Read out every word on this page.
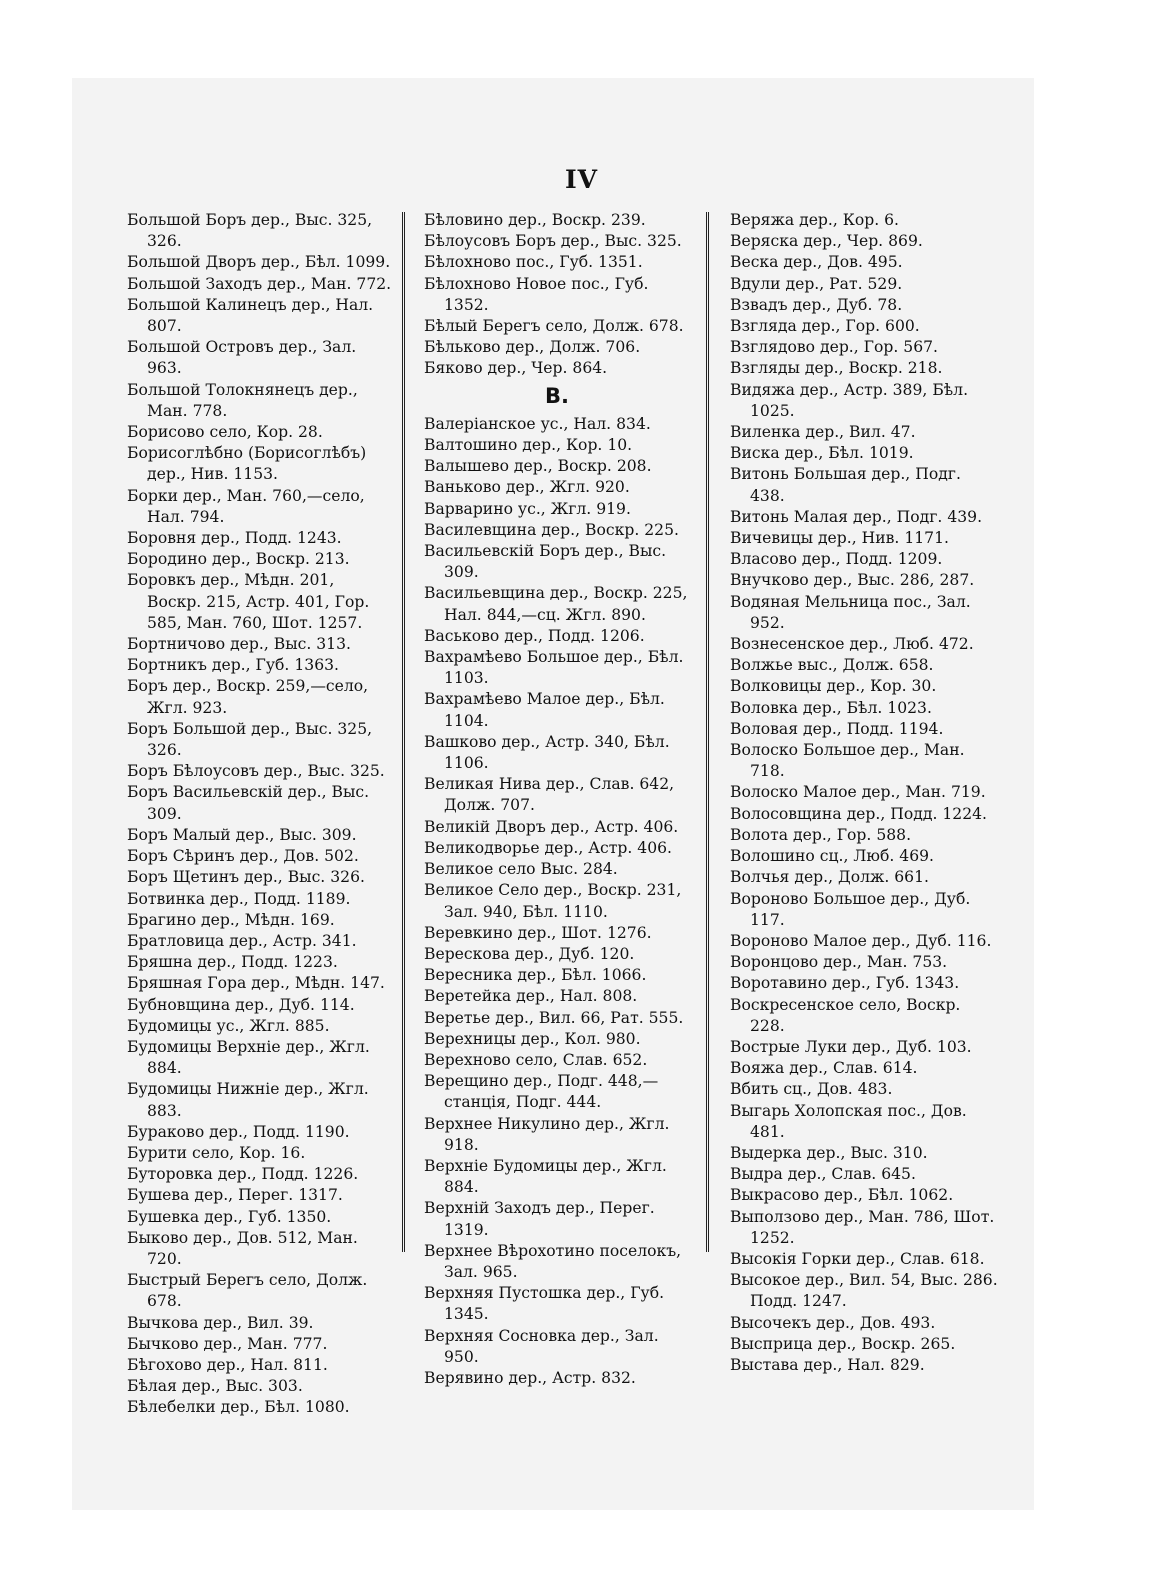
IV
Большой Боръ дер., Выс. 325, 326.
Большой Дворъ дер., Бѣл. 1099.
Большой Заходъ дер., Ман. 772.
Большой Калинецъ дер., Нал. 807.
Большой Островъ дер., Зал. 963.
Большой Толокнянецъ дер., Ман. 778.
Борисово село, Кор. 28.
Борисоглѣбно (Борисоглѣбъ) дер., Нив. 1153.
Борки дер., Ман. 760,—село, Нал. 794.
Боровня дер., Подд. 1243.
Бородино дер., Воскр. 213.
Боровкъ дер., Мѣдн. 201, Воскр. 215, Астр. 401, Гор. 585, Ман. 760, Шот. 1257.
Бортничово дер., Выс. 313.
Бортникъ дер., Губ. 1363.
Боръ дер., Воскр. 259,—село, Жгл. 923.
Боръ Большой дер., Выс. 325, 326.
Боръ Бѣлоусовъ дер., Выс. 325.
Боръ Васильевскій дер., Выс. 309.
Боръ Малый дер., Выс. 309.
Боръ Сѣринъ дер., Дов. 502.
Боръ Щетинъ дер., Выс. 326.
Ботвинка дер., Подд. 1189.
Брагино дер., Мѣдн. 169.
Братловица дер., Астр. 341.
Бряшна дер., Подд. 1223.
Бряшная Гора дер., Мѣдн. 147.
Бубновщина дер., Дуб. 114.
Будомицы ус., Жгл. 885.
Будомицы Верхніе дер., Жгл. 884.
Будомицы Нижніе дер., Жгл. 883.
Бураково дер., Подд. 1190.
Бурити село, Кор. 16.
Буторовка дер., Подд. 1226.
Бушева дер., Перег. 1317.
Бушевка дер., Губ. 1350.
Быково дер., Дов. 512, Ман. 720.
Быстрый Берегъ село, Долж. 678.
Вычкова дер., Вил. 39.
Бычково дер., Ман. 777.
Бѣгохово дер., Нал. 811.
Бѣлая дер., Выс. 303.
Бѣлебелки дер., Бѣл. 1080.
Бѣловино дер., Воскр. 239.
Бѣлоусовъ Боръ дер., Выс. 325.
Бѣлохново пос., Губ. 1351.
Бѣлохново Новое пос., Губ. 1352.
Бѣлый Берегъ село, Долж. 678.
Бѣльково дер., Долж. 706.
Бяково дер., Чер. 864.
В.
Валеріанское ус., Нал. 834.
Валтошино дер., Кор. 10.
Валышево дер., Воскр. 208.
Ваньково дер., Жгл. 920.
Варварино ус., Жгл. 919.
Василевщина дер., Воскр. 225.
Васильевскій Боръ дер., Выс. 309.
Васильевщина дер., Воскр. 225, Нал. 844,—сц. Жгл. 890.
Васьково дер., Подд. 1206.
Вахрамѣево Большое дер., Бѣл. 1103.
Вахрамѣево Малое дер., Бѣл. 1104.
Вашково дер., Астр. 340, Бѣл. 1106.
Великая Нива дер., Слав. 642, Долж. 707.
Великій Дворъ дер., Астр. 406.
Великодворье дер., Астр. 406.
Великое село Выс. 284.
Великое Село дер., Воскр. 231, Зал. 940, Бѣл. 1110.
Веревкино дер., Шот. 1276.
Верескова дер., Дуб. 120.
Вересника дер., Бѣл. 1066.
Веретейка дер., Нал. 808.
Веретье дер., Вил. 66, Рат. 555.
Верехницы дер., Кол. 980.
Верехново село, Слав. 652.
Верещино дер., Подг. 448,—станція, Подг. 444.
Верхнее Никулино дер., Жгл. 918.
Верхніе Будомицы дер., Жгл. 884.
Верхній Заходъ дер., Перег. 1319.
Верхнее Вѣрохотино поселокъ, Зал. 965.
Верхняя Пустошка дер., Губ. 1345.
Верхняя Сосновка дер., Зал. 950.
Верявино дер., Астр. 832.
Веряжа дер., Кор. 6.
Веряска дер., Чер. 869.
Веска дер., Дов. 495.
Вдули дер., Рат. 529.
Взвадъ дер., Дуб. 78.
Взгляда дер., Гор. 600.
Взглядово дер., Гор. 567.
Взгляды дер., Воскр. 218.
Видяжа дер., Астр. 389, Бѣл. 1025.
Виленка дер., Вил. 47.
Виска дер., Бѣл. 1019.
Витонь Большая дер., Подг. 438.
Витонь Малая дер., Подг. 439.
Вичевицы дер., Нив. 1171.
Власово дер., Подд. 1209.
Внучково дер., Выс. 286, 287.
Водяная Мельница пос., Зал. 952.
Вознесенское дер., Люб. 472.
Волжье выс., Долж. 658.
Волковицы дер., Кор. 30.
Воловка дер., Бѣл. 1023.
Воловая дер., Подд. 1194.
Волоско Большое дер., Ман. 718.
Волоско Малое дер., Ман. 719.
Волосовщина дер., Подд. 1224.
Волота дер., Гор. 588.
Волошино сц., Люб. 469.
Волчья дер., Долж. 661.
Вороново Большое дер., Дуб. 117.
Вороново Малое дер., Дуб. 116.
Воронцово дер., Ман. 753.
Воротавино дер., Губ. 1343.
Воскресенское село, Воскр. 228.
Вострые Луки дер., Дуб. 103.
Вояжа дер., Слав. 614.
Вбить сц., Дов. 483.
Выгарь Холопская пос., Дов. 481.
Выдерка дер., Выс. 310.
Выдра дер., Слав. 645.
Выкрасово дер., Бѣл. 1062.
Выползово дер., Ман. 786, Шот. 1252.
Высокія Горки дер., Слав. 618.
Высокое дер., Вил. 54, Выс. 286. Подд. 1247.
Высочекъ дер., Дов. 493.
Высприца дер., Воскр. 265.
Выстава дер., Нал. 829.
